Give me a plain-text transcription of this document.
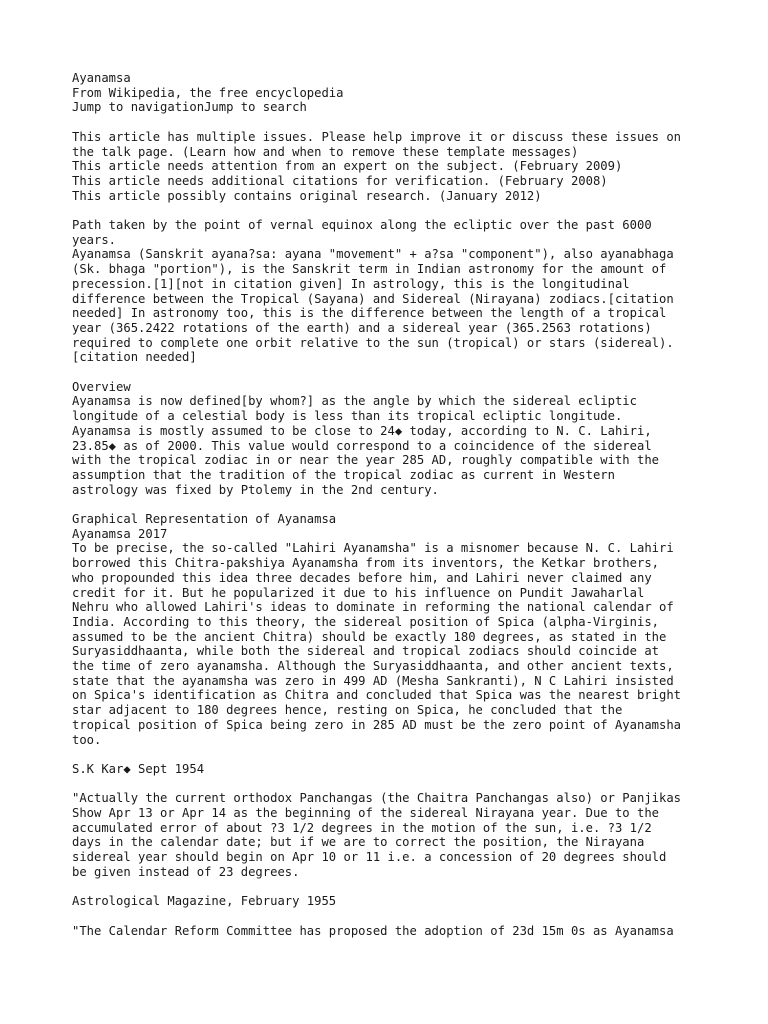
Ayanamsa
From Wikipedia, the free encyclopedia
Jump to navigationJump to search
This article has multiple issues. Please help improve it or discuss these issues on
the talk page. (Learn how and when to remove these template messages)
This article needs attention from an expert on the subject. (February 2009)
This article needs additional citations for verification. (February 2008)
This article possibly contains original research. (January 2012)
Path taken by the point of vernal equinox along the ecliptic over the past 6000
years.
Ayanamsa (Sanskrit ayana?sa: ayana "movement" + a?sa "component"), also ayanabhaga
(Sk. bhaga "portion"), is the Sanskrit term in Indian astronomy for the amount of
precession.[1][not in citation given] In astrology, this is the longitudinal
difference between the Tropical (Sayana) and Sidereal (Nirayana) zodiacs.[citation
needed] In astronomy too, this is the difference between the length of a tropical
year (365.2422 rotations of the earth) and a sidereal year (365.2563 rotations)
required to complete one orbit relative to the sun (tropical) or stars (sidereal).
[citation needed]
Overview
Ayanamsa is now defined[by whom?] as the angle by which the sidereal ecliptic
longitude of a celestial body is less than its tropical ecliptic longitude.
Ayanamsa is mostly assumed to be close to 24◆ today, according to N. C. Lahiri,
23.85◆ as of 2000. This value would correspond to a coincidence of the sidereal
with the tropical zodiac in or near the year 285 AD, roughly compatible with the
assumption that the tradition of the tropical zodiac as current in Western
astrology was fixed by Ptolemy in the 2nd century.
Graphical Representation of Ayanamsa
Ayanamsa 2017
To be precise, the so-called "Lahiri Ayanamsha" is a misnomer because N. C. Lahiri
borrowed this Chitra-pakshiya Ayanamsha from its inventors, the Ketkar brothers,
who propounded this idea three decades before him, and Lahiri never claimed any
credit for it. But he popularized it due to his influence on Pundit Jawaharlal
Nehru who allowed Lahiri's ideas to dominate in reforming the national calendar of
India. According to this theory, the sidereal position of Spica (alpha-Virginis,
assumed to be the ancient Chitra) should be exactly 180 degrees, as stated in the
Suryasiddhaanta, while both the sidereal and tropical zodiacs should coincide at
the time of zero ayanamsha. Although the Suryasiddhaanta, and other ancient texts,
state that the ayanamsha was zero in 499 AD (Mesha Sankranti), N C Lahiri insisted
on Spica's identification as Chitra and concluded that Spica was the nearest bright
star adjacent to 180 degrees hence, resting on Spica, he concluded that the
tropical position of Spica being zero in 285 AD must be the zero point of Ayanamsha
too.
S.K Kar◆ Sept 1954
"Actually the current orthodox Panchangas (the Chaitra Panchangas also) or Panjikas
Show Apr 13 or Apr 14 as the beginning of the sidereal Nirayana year. Due to the
accumulated error of about ?3 1/2 degrees in the motion of the sun, i.e. ?3 1/2
days in the calendar date; but if we are to correct the position, the Nirayana
sidereal year should begin on Apr 10 or 11 i.e. a concession of 20 degrees should
be given instead of 23 degrees.
Astrological Magazine, February 1955
"The Calendar Reform Committee has proposed the adoption of 23d 15m 0s as Ayanamsa
